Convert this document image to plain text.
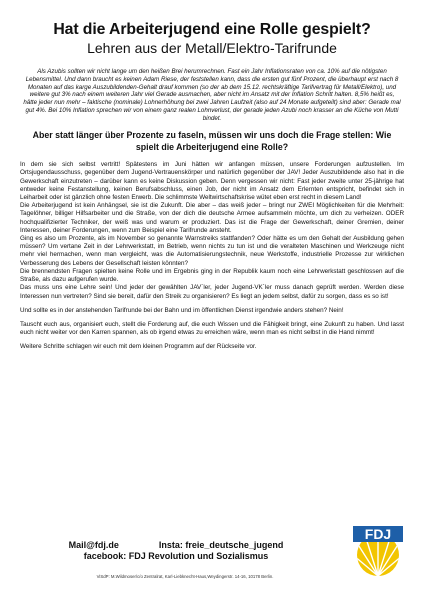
Hat die Arbeiterjugend eine Rolle gespielt?
Lehren aus der Metall/Elektro-Tarifrunde

Als Azubis sollten wir nicht lange um den heißen Brei herumrechnen. Fast ein Jahr Inflationsraten von ca. 10% auf die nötigsten Lebensmittel. Und dann braucht es keinen Adam Riese, der feststellen kann, dass die ersten gut fünf Prozent, die überhaupt erst nach 8 Monaten auf das karge Auszubildenden-Gehalt drauf kommen (so der ab dem 15.12. rechtskräftige Tarifvertrag für Metall/Elektro), und weitere gut 3% nach einem weiteren Jahr viel Gerade ausmachen, aber nicht im Ansatz mit der Inflation Schritt halten. 8,5% heißt es, hätte jeder nun mehr – faktische (nominale) Lohnerhöhung bei zwei Jahren Laufzeit (also auf 24 Monate aufgeteilt) sind aber: Gerade mal gut 4%. Bei 10% Inflation sprechen wir von einem ganz realen Lohnverlust, der gerade jeden Azubi noch krasser an die Küche von Mutti bindet.

Aber statt länger über Prozente zu faseln, müssen wir uns doch die Frage stellen: Wie spielt die Arbeiterjugend eine Rolle?

In dem sie sich selbst vertritt! Spätestens im Juni hätten wir anfangen müssen, unsere Forderungen aufzustellen. Im Ortsjugendausschuss, gegenüber dem Jugend-Vertrauenskörper und natürlich gegenüber der JAV! Jeder Auszubildende also hat in die Gewerkschaft einzutreten – darüber kann es keine Diskussion geben. Denn vergessen wir nicht: Fast jeder zweite unter 25-jährige hat entweder keine Festanstellung, keinen Berufsabschluss, einen Job, der nicht im Ansatz dem Erlernten entspricht, befindet sich in Leiharbeit oder ist gänzlich ohne festen Erwerb. Die schlimmste Weltwirtschaftskrise wütet eben erst recht in diesem Land!

Die Arbeiterjugend ist kein Anhängsel, sie ist die Zukunft. Die aber – das weiß jeder – bringt nur ZWEI Möglichkeiten für die Mehrheit: Tagelöhner, billiger Hilfsarbeiter und die Straße, von der dich die deutsche Armee aufsammeln möchte, um dich zu verheizen. ODER hochqualifizierter Techniker, der weiß was und warum er produziert. Das ist die Frage der Gewerkschaft, deiner Gremien, deiner Interessen, deiner Forderungen, wenn zum Beispiel eine Tarifrunde ansteht.

Ging es also um Prozente, als im November so genannte Warnstreiks stattfanden? Oder hätte es um den Gehalt der Ausbildung gehen müssen? Um vertane Zeit in der Lehrwerkstatt, im Betrieb, wenn nichts zu tun ist und die veralteten Maschinen und Werkzeuge nicht mehr viel hermachen, wenn man vergleicht, was die Automatisierungstechnik, neue Werkstoffe, industrielle Prozesse zur wirklichen Verbesserung des Lebens der Gesellschaft leisten könnten?

Die brennendsten Fragen spielten keine Rolle und im Ergebnis ging in der Republik kaum noch eine Lehrwerkstatt geschlossen auf die Straße, als dazu aufgerufen wurde.

Das muss uns eine Lehre sein! Und jeder der gewählten JAV´ler, jeder Jugend-VK´ler muss danach geprüft werden. Werden diese Interessen nun vertreten? Sind sie bereit, dafür den Streik zu organisieren? Es liegt an jedem selbst, dafür zu sorgen, dass es so ist!

Und sollte es in der anstehenden Tarifrunde bei der Bahn und im öffentlichen Dienst irgendwie anders stehen? Nein!

Tauscht euch aus, organisiert euch, stellt die Forderung auf, die euch Wissen und die Fähigkeit bringt, eine Zukunft zu haben. Und lasst euch nicht weiter vor den Karren spannen, als ob irgend etwas zu erreichen wäre, wenn man es nicht selbst in die Hand nimmt!

Weitere Schritte schlagen wir euch mit dem kleinen Programm auf der Rückseite vor.

Mail@fdj.de	Insta: freie_deutsche_jugend
facebook: FDJ Revolution und Sozialismus
ViSdP: M.Wildmoser/c/o Zentralrat, Karl-Liebknecht-Haus,Weydingerstr. 14-16, 10178 Berlin.
FDJ
